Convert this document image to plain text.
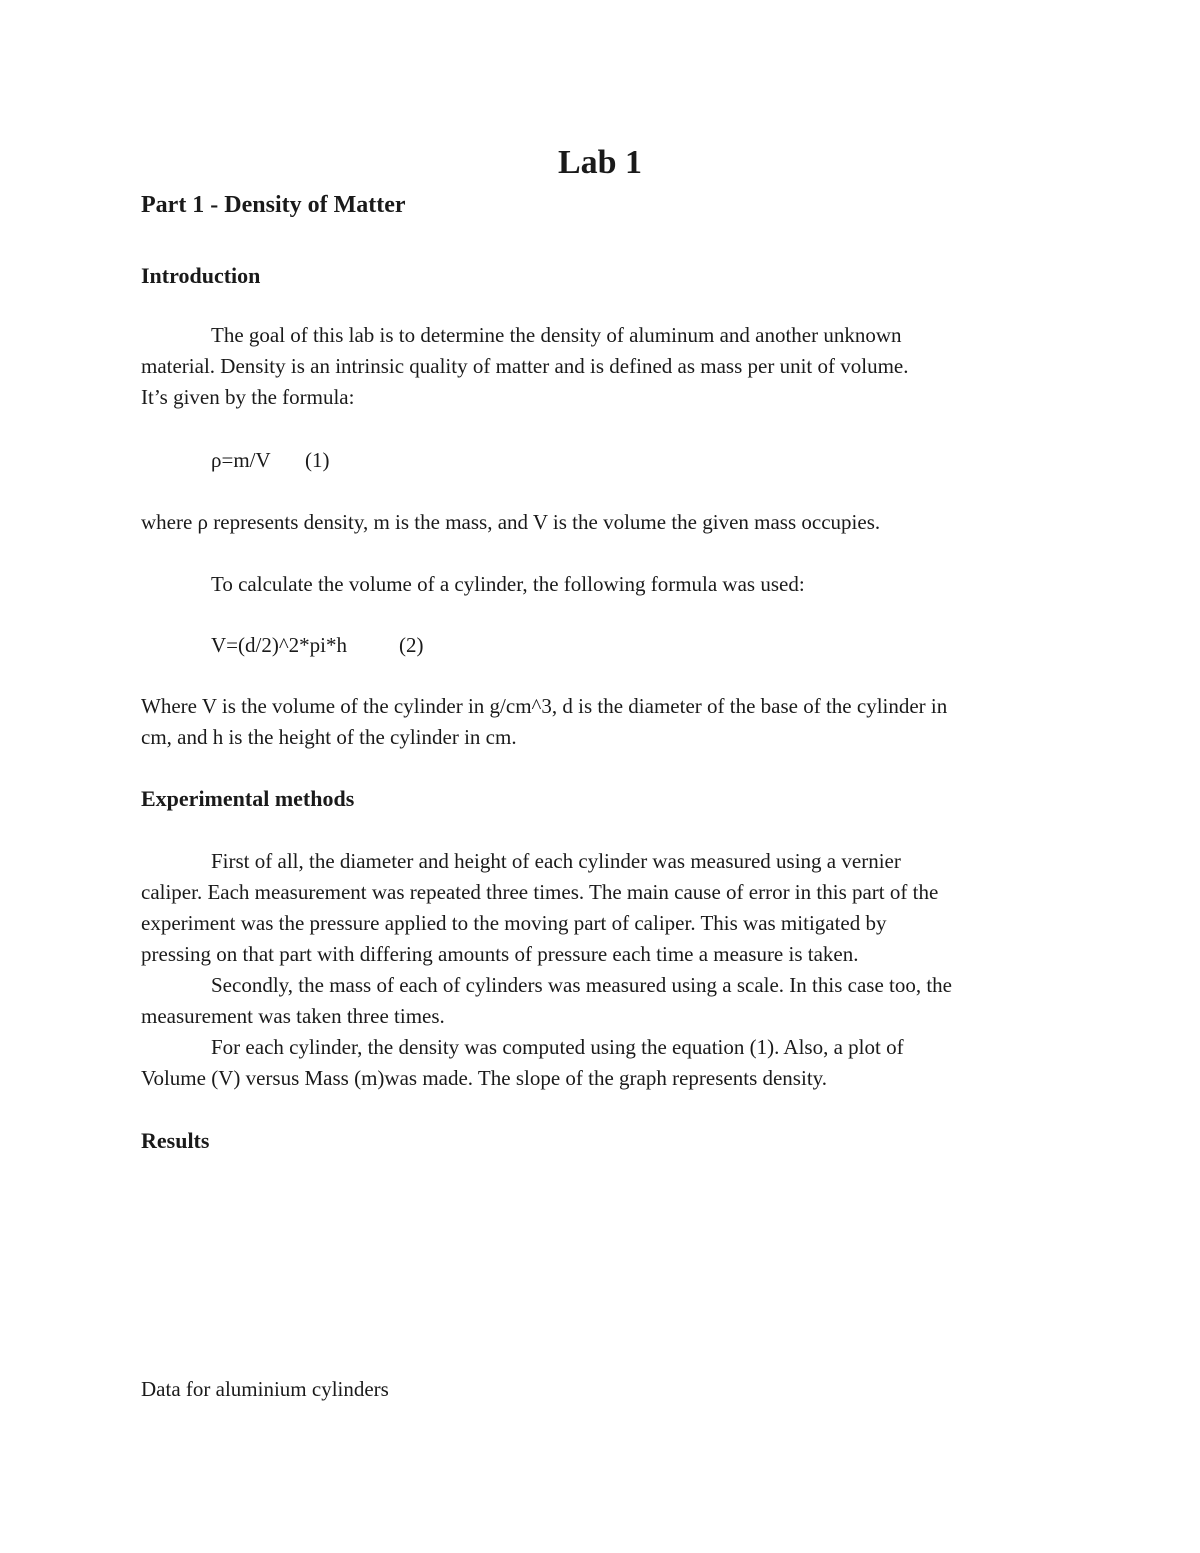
Lab 1
Part 1 - Density of Matter
Introduction
The goal of this lab is to determine the density of aluminum and another unknown
material. Density is an intrinsic quality of matter and is defined as mass per unit of volume.
It’s given by the formula:
ρ=m/V (1)
where ρ represents density, m is the mass, and V is the volume the given mass occupies.
To calculate the volume of a cylinder, the following formula was used:
V=(d/2)^2*pi*h (2)
Where V is the volume of the cylinder in g/cm^3, d is the diameter of the base of the cylinder in
cm, and h is the height of the cylinder in cm.
Experimental methods
First of all, the diameter and height of each cylinder was measured using a vernier
caliper. Each measurement was repeated three times. The main cause of error in this part of the
experiment was the pressure applied to the moving part of caliper. This was mitigated by
pressing on that part with differing amounts of pressure each time a measure is taken.
Secondly, the mass of each of cylinders was measured using a scale. In this case too, the
measurement was taken three times.
For each cylinder, the density was computed using the equation (1). Also, a plot of
Volume (V) versus Mass (m)was made. The slope of the graph represents density.
Results
Data for aluminium cylinders
